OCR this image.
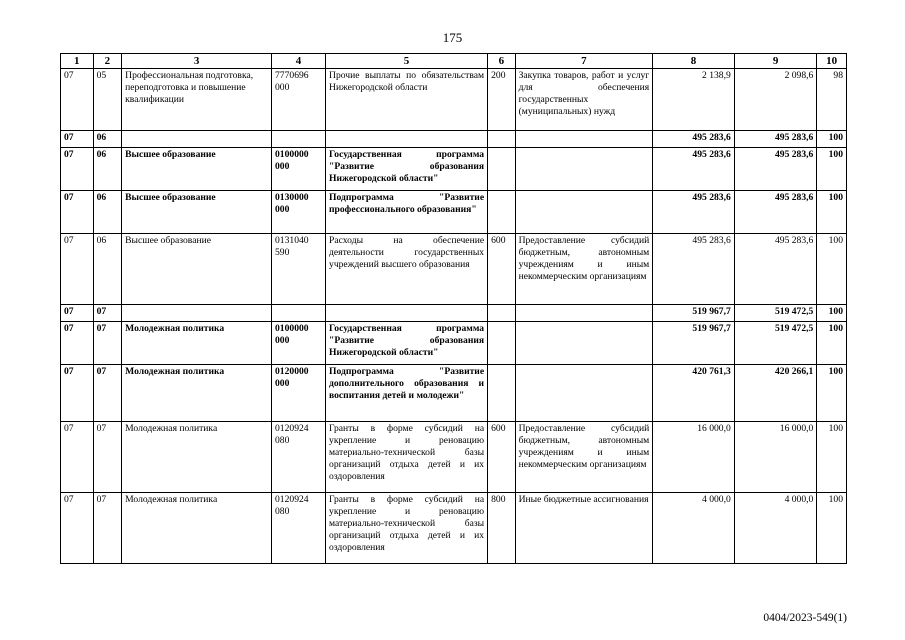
175
1	2	3	4	5	6	7	8	9	10
07	05	Профессиональная подготовка, переподготовка и повышение квалификации	7770696 000	Прочие выплаты по обязательствам Нижегородской области	200	Закупка товаров, работ и услуг для обеспечения государственных (муниципальных) нужд	2 138,9	2 098,6	98
07	06						495 283,6	495 283,6	100
07	06	Высшее образование	0100000 000	Государственная программа "Развитие образования Нижегородской области"			495 283,6	495 283,6	100
07	06	Высшее образование	0130000 000	Подпрограмма "Развитие профессионального образования"			495 283,6	495 283,6	100
07	06	Высшее образование	0131040 590	Расходы на обеспечение деятельности государственных учреждений высшего образования	600	Предоставление субсидий бюджетным, автономным учреждениям и иным некоммерческим организациям	495 283,6	495 283,6	100
07	07						519 967,7	519 472,5	100
07	07	Молодежная политика	0100000 000	Государственная программа "Развитие образования Нижегородской области"			519 967,7	519 472,5	100
07	07	Молодежная политика	0120000 000	Подпрограмма "Развитие дополнительного образования и воспитания детей и молодежи"			420 761,3	420 266,1	100
07	07	Молодежная политика	0120924 080	Гранты в форме субсидий на укрепление и реновацию материально-технической базы организаций отдыха детей и их оздоровления	600	Предоставление субсидий бюджетным, автономным учреждениям и иным некоммерческим организациям	16 000,0	16 000,0	100
07	07	Молодежная политика	0120924 080	Гранты в форме субсидий на укрепление и реновацию материально-технической базы организаций отдыха детей и их оздоровления	800	Иные бюджетные ассигнования	4 000,0	4 000,0	100
0404/2023-549(1)
